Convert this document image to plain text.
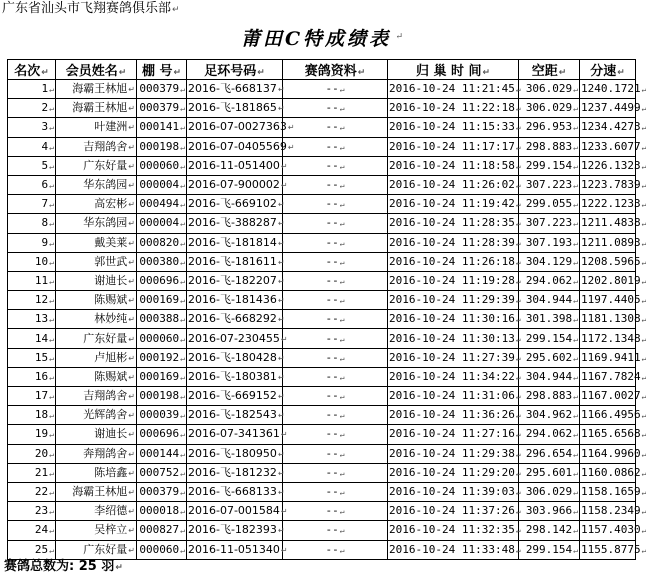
广东省汕头市飞翔赛鸽俱乐部↵
莆田C特成绩表 ↵
名次↵	会员姓名↵	棚 号↵	足环号码↵	赛鸽资料↵	归 巢 时 间↵	空距↵	分速↵
1↵	海霸王林旭↵	000379↵	2016-飞-668137↵	--↵	2016-10-24 11:21:45↵	306.029↵	1240.1721↵
2↵	海霸王林旭↵	000379↵	2016-飞-181865↵	--↵	2016-10-24 11:22:18↵	306.029↵	1237.4499↵
3↵	叶建洲↵	000141↵	2016-07-0027363↵	--↵	2016-10-24 11:15:33↵	296.953↵	1234.4273↵
4↵	吉翔鸽舍↵	000198↵	2016-07-0405569↵	--↵	2016-10-24 11:17:17↵	298.883↵	1233.6077↵
5↵	广东好量↵	000060↵	2016-11-051400↵	--↵	2016-10-24 11:18:58↵	299.154↵	1226.1323↵
6↵	华东鸽园↵	000004↵	2016-07-900002↵	--↵	2016-10-24 11:26:02↵	307.223↵	1223.7839↵
7↵	高宏彬↵	000494↵	2016-飞-669102↵	--↵	2016-10-24 11:19:42↵	299.055↵	1222.1233↵
8↵	华东鸽园↵	000004↵	2016-飞-388287↵	--↵	2016-10-24 11:28:35↵	307.223↵	1211.4838↵
9↵	戴美莱↵	000820↵	2016-飞-181814↵	--↵	2016-10-24 11:28:39↵	307.193↵	1211.0893↵
10↵	郭世武↵	000380↵	2016-飞-181611↵	--↵	2016-10-24 11:26:18↵	304.129↵	1208.5965↵
11↵	谢迪长↵	000696↵	2016-飞-182207↵	--↵	2016-10-24 11:19:28↵	294.062↵	1202.8019↵
12↵	陈赐斌↵	000169↵	2016-飞-181436↵	--↵	2016-10-24 11:29:39↵	304.944↵	1197.4405↵
13↵	林妙纯↵	000388↵	2016-飞-668292↵	--↵	2016-10-24 11:30:16↵	301.398↵	1181.1308↵
14↵	广东好量↵	000060↵	2016-07-230455↵	--↵	2016-10-24 11:30:13↵	299.154↵	1172.1348↵
15↵	卢旭彬↵	000192↵	2016-飞-180428↵	--↵	2016-10-24 11:27:39↵	295.602↵	1169.9411↵
16↵	陈赐斌↵	000169↵	2016-飞-180381↵	--↵	2016-10-24 11:34:22↵	304.944↵	1167.7824↵
17↵	吉翔鸽舍↵	000198↵	2016-飞-669152↵	--↵	2016-10-24 11:31:06↵	298.883↵	1167.0027↵
18↵	光辉鸽舍↵	000039↵	2016-飞-182543↵	--↵	2016-10-24 11:36:26↵	304.962↵	1166.4956↵
19↵	谢迪长↵	000696↵	2016-07-341361↵	--↵	2016-10-24 11:27:16↵	294.062↵	1165.6568↵
20↵	奔翔鸽舍↵	000144↵	2016-飞-180950↵	--↵	2016-10-24 11:29:38↵	296.654↵	1164.9960↵
21↵	陈培鑫↵	000752↵	2016-飞-181232↵	--↵	2016-10-24 11:29:20↵	295.601↵	1160.0862↵
22↵	海霸王林旭↵	000379↵	2016-飞-668133↵	--↵	2016-10-24 11:39:03↵	306.029↵	1158.1659↵
23↵	李绍德↵	000018↵	2016-07-001584↵	--↵	2016-10-24 11:37:26↵	303.966↵	1158.2349↵
24↵	吴梓立↵	000827↵	2016-飞-182393↵	--↵	2016-10-24 11:32:35↵	298.142↵	1157.4030↵
25↵	广东好量↵	000060↵	2016-11-051340↵	--↵	2016-10-24 11:33:48↵	299.154↵	1155.8775↵
赛鸽总数为: 25 羽↵
